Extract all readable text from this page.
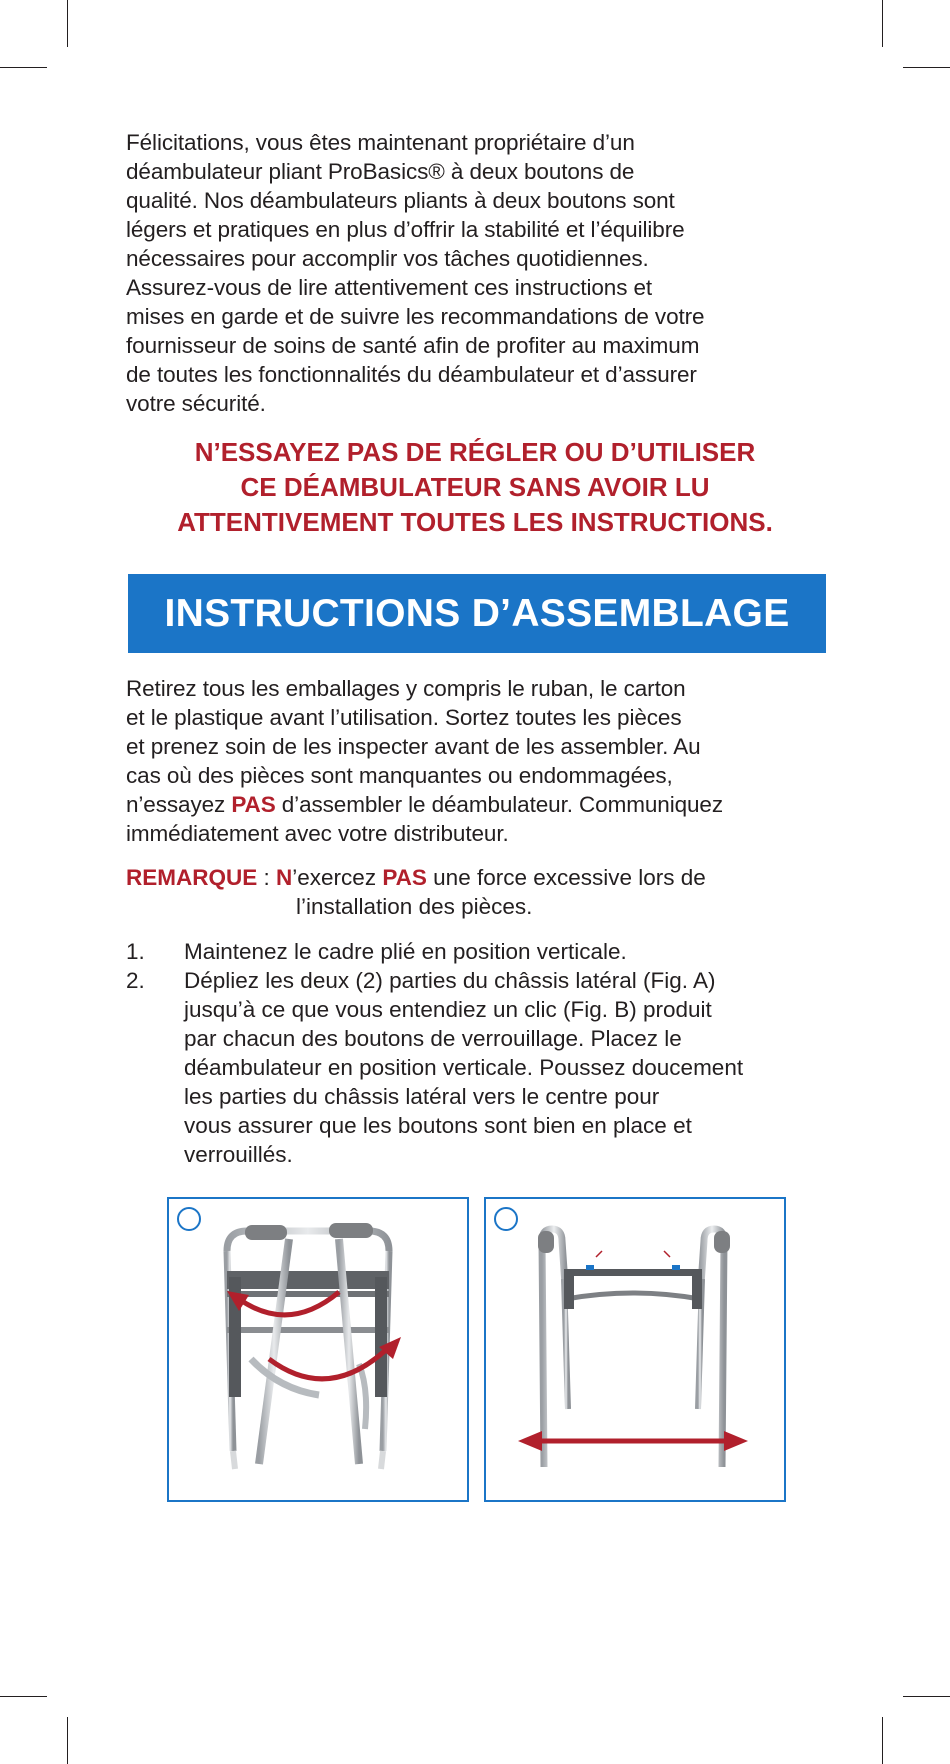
Félicitations, vous êtes maintenant propriétaire d’un
déambulateur pliant ProBasics® à deux boutons de
qualité. Nos déambulateurs pliants à deux boutons sont
légers et pratiques en plus d’offrir la stabilité et l’équilibre
nécessaires pour accomplir vos tâches quotidiennes.
Assurez-vous de lire attentivement ces instructions et
mises en garde et de suivre les recommandations de votre
fournisseur de soins de santé afin de profiter au maximum
de toutes les fonctionnalités du déambulateur et d’assurer
votre sécurité.
N’ESSAYEZ PAS DE RÉGLER OU D’UTILISER
CE DÉAMBULATEUR SANS AVOIR LU
ATTENTIVEMENT TOUTES LES INSTRUCTIONS.
INSTRUCTIONS D’ASSEMBLAGE
Retirez tous les emballages y compris le ruban, le carton
et le plastique avant l’utilisation. Sortez toutes les pièces
et prenez soin de les inspecter avant de les assembler. Au
cas où des pièces sont manquantes ou endommagées,
n’essayez PAS d’assembler le déambulateur. Communiquez
immédiatement avec votre distributeur.
REMARQUE : N’exercez PAS une force excessive lors de
l’installation des pièces.
1.	Maintenez le cadre plié en position verticale.
2.	Dépliez les deux (2) parties du châssis latéral (Fig. A)
jusqu’à ce que vous entendiez un clic (Fig. B) produit
par chacun des boutons de verrouillage. Placez le
déambulateur en position verticale. Poussez doucement
les parties du châssis latéral vers le centre pour
vous assurer que les boutons sont bien en place et
verrouillés.
